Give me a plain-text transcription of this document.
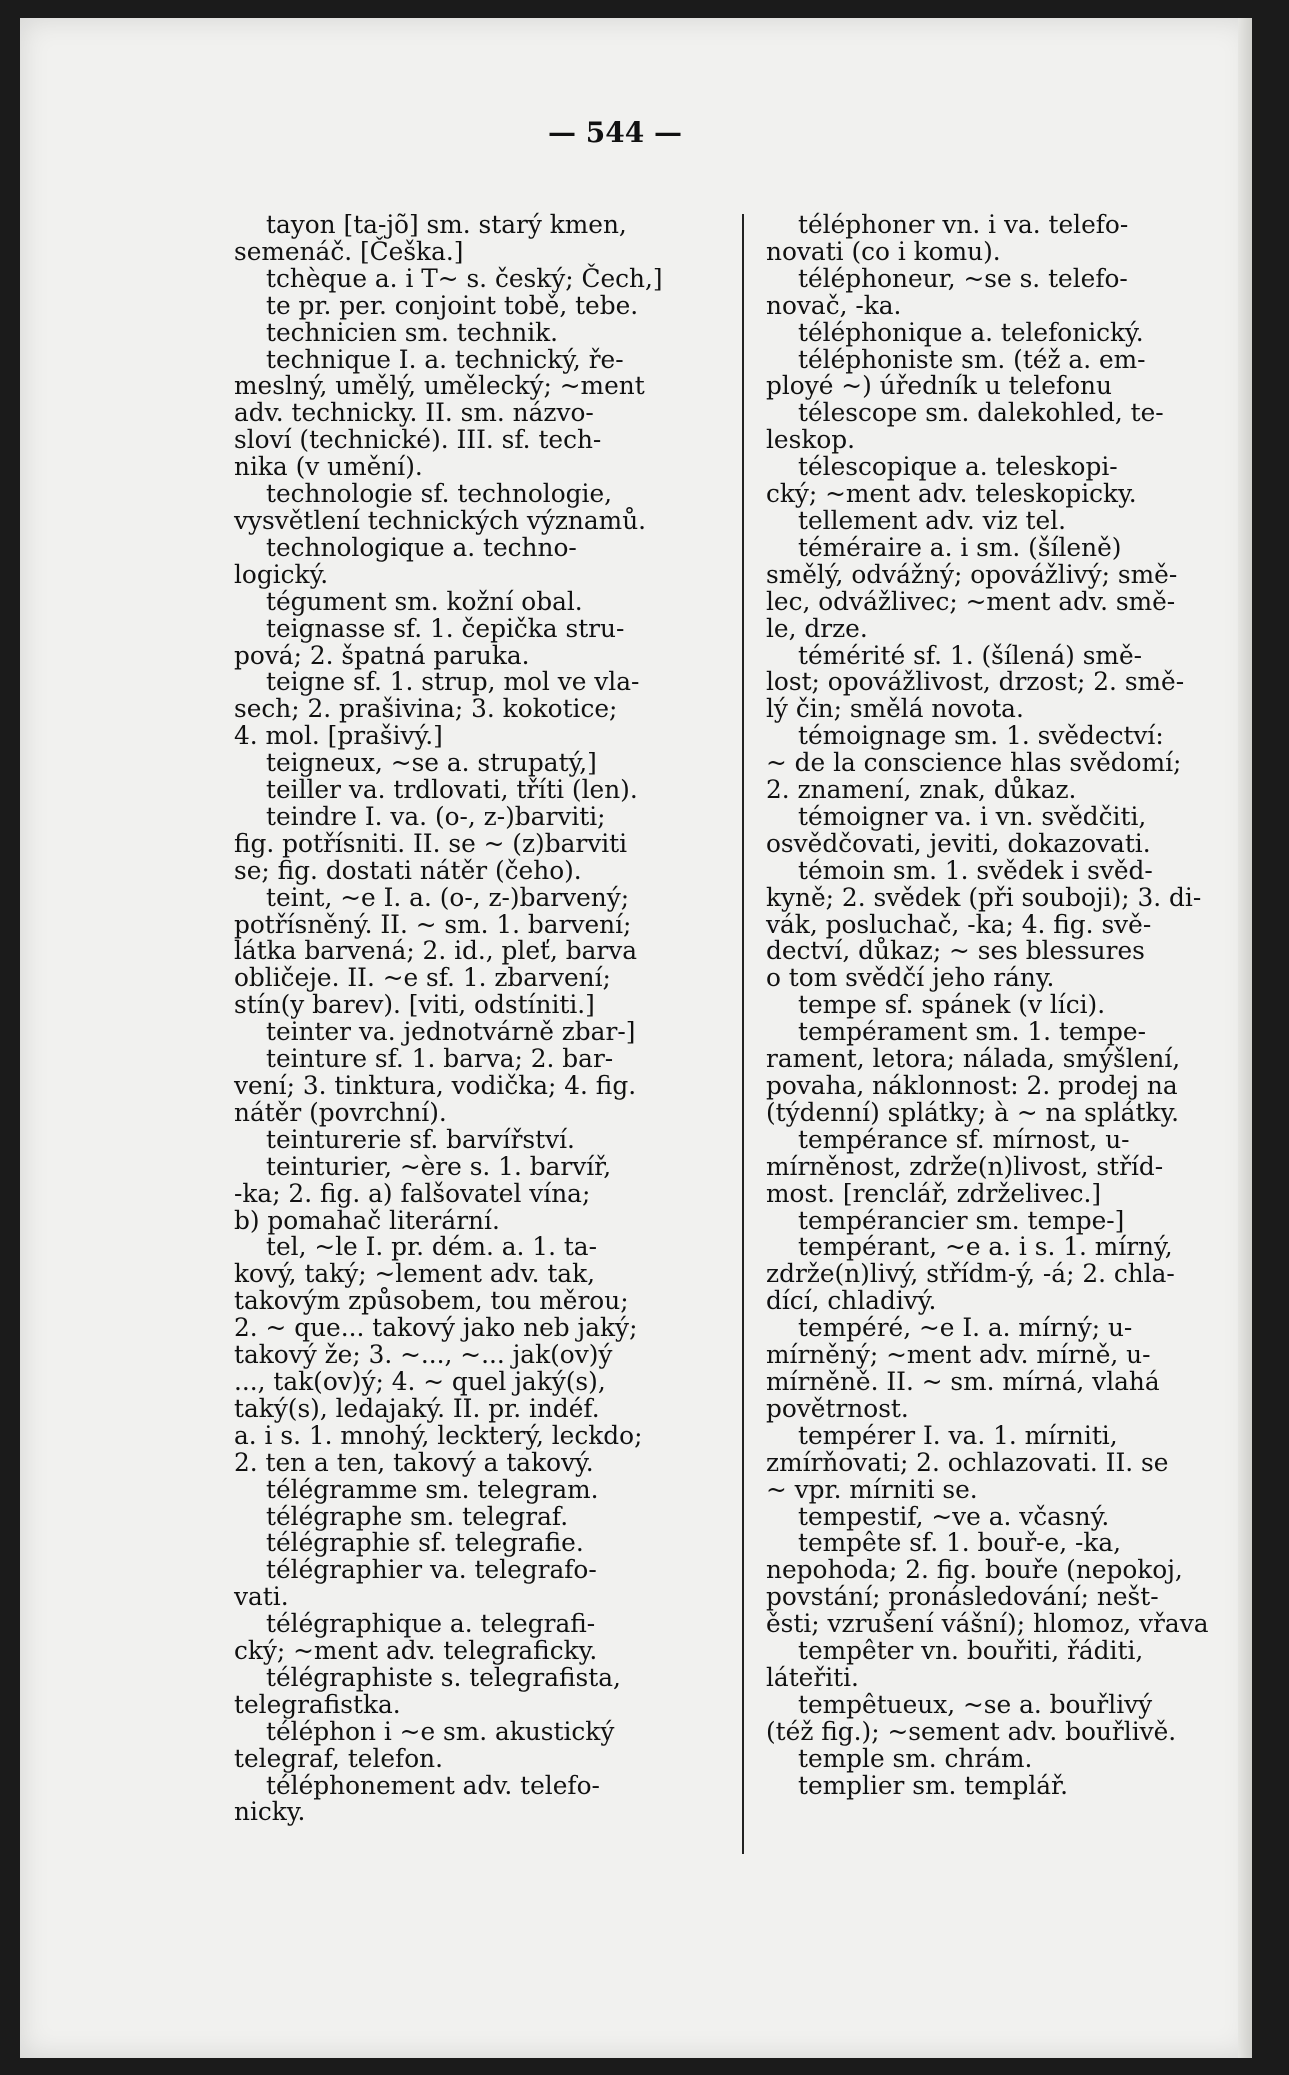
— 544 —
tayon [ta-jõ] sm. starý kmen,
semenáč. [Češka.]
tchèque a. i T~ s. český; Čech,]
te pr. per. conjoint tobě, tebe.
technicien sm. technik.
technique I. a. technický, ře-
meslný, umělý, umělecký; ~ment
adv. technicky. II. sm. názvo-
sloví (technické). III. sf. tech-
nika (v umění).
technologie sf. technologie,
vysvětlení technických významů.
technologique a. techno-
logický.
tégument sm. kožní obal.
teignasse sf. 1. čepička stru-
pová; 2. špatná paruka.
teigne sf. 1. strup, mol ve vla-
sech; 2. prašivina; 3. kokotice;
4. mol. [prašivý.]
teigneux, ~se a. strupatý,]
teiller va. trdlovati, tříti (len).
teindre I. va. (o-, z-)barviti;
fig. potřísniti. II. se ~ (z)barviti
se; fig. dostati nátěr (čeho).
teint, ~e I. a. (o-, z-)barvený;
potřísněný. II. ~ sm. 1. barvení;
látka barvená; 2. id., pleť, barva
obličeje. II. ~e sf. 1. zbarvení;
stín(y barev). [viti, odstíniti.]
teinter va. jednotvárně zbar-]
teinture sf. 1. barva; 2. bar-
vení; 3. tinktura, vodička; 4. fig.
nátěr (povrchní).
teinturerie sf. barvířství.
teinturier, ~ère s. 1. barvíř,
-ka; 2. fig. a) falšovatel vína;
b) pomahač literární.
tel, ~le I. pr. dém. a. 1. ta-
kový, taký; ~lement adv. tak,
takovým způsobem, tou měrou;
2. ~ que... takový jako neb jaký;
takový že; 3. ~..., ~... jak(ov)ý
..., tak(ov)ý; 4. ~ quel jaký(s),
taký(s), ledajaký. II. pr. indéf.
a. i s. 1. mnohý, leckterý, leckdo;
2. ten a ten, takový a takový.
télégramme sm. telegram.
télégraphe sm. telegraf.
télégraphie sf. telegrafie.
télégraphier va. telegrafo-
vati.
télégraphique a. telegrafi-
cký; ~ment adv. telegraficky.
télégraphiste s. telegrafista,
telegrafistka.
téléphon i ~e sm. akustický
telegraf, telefon.
téléphonement adv. telefo-
nicky.
téléphoner vn. i va. telefo-
novati (co i komu).
téléphoneur, ~se s. telefo-
novač, -ka.
téléphonique a. telefonický.
téléphoniste sm. (též a. em-
ployé ~) úředník u telefonu
télescope sm. dalekohled, te-
leskop.
télescopique a. teleskopi-
cký; ~ment adv. teleskopicky.
tellement adv. viz tel.
téméraire a. i sm. (šíleně)
smělý, odvážný; opovážlivý; smě-
lec, odvážlivec; ~ment adv. smě-
le, drze.
témérité sf. 1. (šílená) smě-
lost; opovážlivost, drzost; 2. smě-
lý čin; smělá novota.
témoignage sm. 1. svědectví:
~ de la conscience hlas svědomí;
2. znamení, znak, důkaz.
témoigner va. i vn. svědčiti,
osvědčovati, jeviti, dokazovati.
témoin sm. 1. svědek i svěd-
kyně; 2. svědek (při souboji); 3. di-
vák, posluchač, -ka; 4. fig. svě-
dectví, důkaz; ~ ses blessures
o tom svědčí jeho rány.
tempe sf. spánek (v líci).
tempérament sm. 1. tempe-
rament, letora; nálada, smýšlení,
povaha, náklonnost: 2. prodej na
(týdenní) splátky; à ~ na splátky.
tempérance sf. mírnost, u-
mírněnost, zdrže(n)livost, stříd-
most. [renclář, zdrželivec.]
tempérancier sm. tempe-]
tempérant, ~e a. i s. 1. mírný,
zdrže(n)livý, střídm-ý, -á; 2. chla-
dící, chladivý.
tempéré, ~e I. a. mírný; u-
mírněný; ~ment adv. mírně, u-
mírněně. II. ~ sm. mírná, vlahá
povětrnost.
tempérer I. va. 1. mírniti,
zmírňovati; 2. ochlazovati. II. se
~ vpr. mírniti se.
tempestif, ~ve a. včasný.
tempête sf. 1. bouř-e, -ka,
nepohoda; 2. fig. bouře (nepokoj,
povstání; pronásledování; nešt-
ěsti; vzrušení vášní); hlomoz, vřava
tempêter vn. bouřiti, řáditi,
láteřiti.
tempêtueux, ~se a. bouřlivý
(též fig.); ~sement adv. bouřlivě.
temple sm. chrám.
templier sm. templář.
